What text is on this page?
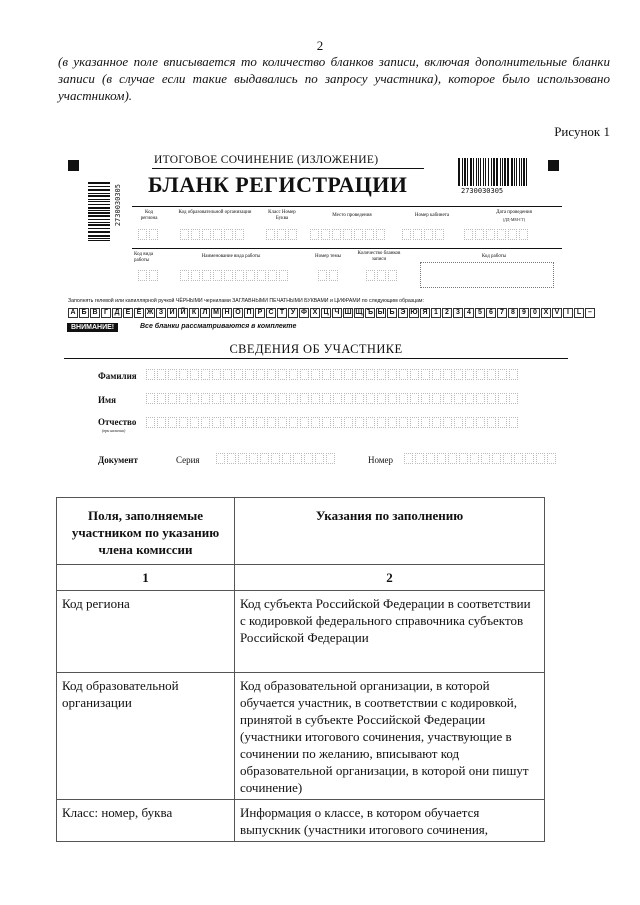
2
(в указанное поле вписывается то количество бланков записи, включая дополнительные бланки записи (в случае если такие выдавались по запросу участника), которое было использовано участником).
Рисунок 1
2730030305	2730030305
ИТОГОВОЕ СОЧИНЕНИЕ (ИЗЛОЖЕНИЕ)
БЛАНК РЕГИСТРАЦИИ
Код региона
Код образовательной организации	Класс Номер Буква
Место проведения	Номер кабинета
Дата проведения
(ДД-ММ-ГГ)
Код вида работы
Наименование вида работы	Номер темы
Количество бланков записи
Код работы
Заполнять гелевой или капиллярной ручкой ЧЁРНЫМИ чернилами ЗАГЛАВНЫМИ ПЕЧАТНЫМИ БУКВАМИ и ЦИФРАМИ по следующим образцам:
А Б В Г Д Е Ё Ж З И Й К Л М Н О П Р С Т У Ф Х Ц Ч Ш Щ Ъ Ы Ь Э Ю Я 1	2	3	4	5	6	7	8	9	0 X V	I	L –
ВНИМАНИЕ!	Все бланки рассматриваются в комплекте
СВЕДЕНИЯ ОБ УЧАСТНИКЕ
Фамилия
Имя
Отчество
(при наличии)
Документ	Серия	Номер
Поля, заполняемые участником по указанию члена комиссии	Указания по заполнению
1	2
Код региона	Код субъекта Российской Федерации в соответствии с кодировкой федерального справочника субъектов Российской Федерации
Код образовательной организации	Код образовательной организации, в которой обучается участник, в соответствии с кодировкой, принятой в субъекте Российской Федерации (участники итогового сочинения, участвующие в сочинении по желанию, вписывают код образовательной организации, в которой они пишут сочинение)
Класс: номер, буква	Информация о классе, в котором обучается выпускник (участники итогового сочинения,
